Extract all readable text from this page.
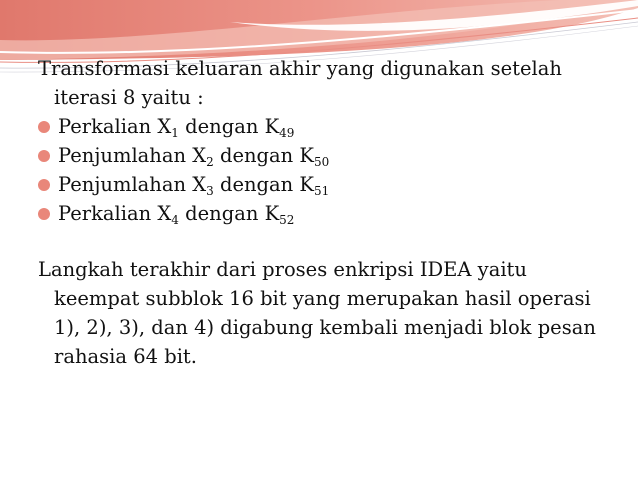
Transformasi keluaran akhir yang digunakan setelah
iterasi 8 yaitu :
Perkalian $X_1$ dengan $K_{49}$
Penjumlahan $X_2$ dengan $K_{50}$
Penjumlahan $X_3$ dengan $K_{51}$
Perkalian $X_4$ dengan $K_{52}$
Langkah terakhir dari proses enkripsi IDEA yaitu
keempat subblok 16 bit yang merupakan hasil operasi
1), 2), 3), dan 4) digabung kembali menjadi blok pesan
rahasia 64 bit.
